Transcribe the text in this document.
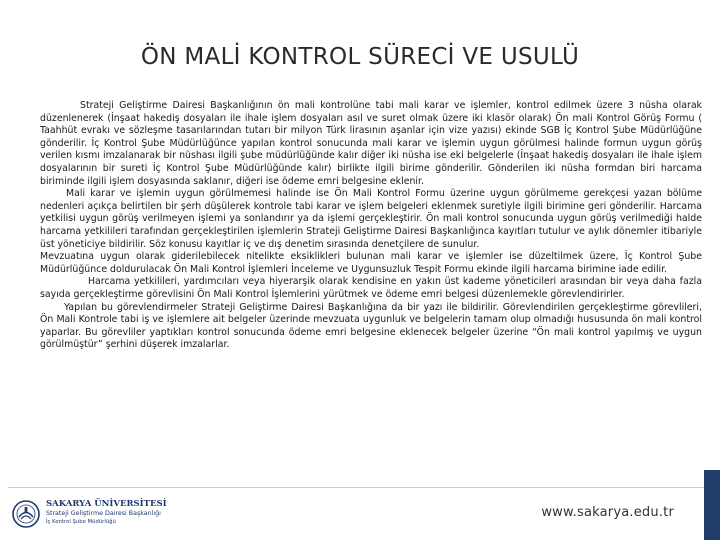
ÖN MALİ KONTROL SÜRECİ VE USULÜ

Strateji Geliştirme Dairesi Başkanlığının ön mali kontrolüne tabi mali karar ve işlemler, kontrol edilmek üzere 3 nüsha olarak düzenlenerek (İnşaat hakediş dosyaları ile ihale işlem dosyaları asıl ve suret olmak üzere iki klasör olarak) Ön mali Kontrol Görüş Formu ( Taahhüt evrakı ve sözleşme tasarılarından tutarı bir milyon Türk lirasının aşanlar için vize yazısı) ekinde SGB İç Kontrol Şube Müdürlüğüne gönderilir. İç Kontrol Şube Müdürlüğünce yapılan kontrol sonucunda mali karar ve işlemin uygun görülmesi halinde formun uygun görüş verilen kısmı imzalanarak bir nüshası ilgili şube müdürlüğünde kalır diğer iki nüsha ise eki belgelerle (İnşaat hakediş dosyaları ile ihale işlem dosyalarının bir sureti İç Kontrol Şube Müdürlüğünde kalır) birlikte ilgili birime gönderilir. Gönderilen iki nüsha formdan biri harcama biriminde ilgili işlem dosyasında saklanır, diğeri ise ödeme emri belgesine eklenir.

Mali karar ve işlemin uygun görülmemesi halinde ise Ön Mali Kontrol Formu üzerine uygun görülmeme gerekçesi yazan bölüme nedenleri açıkça belirtilen bir şerh düşülerek kontrole tabi karar ve işlem belgeleri eklenmek suretiyle ilgili birimine geri gönderilir. Harcama yetkilisi uygun görüş verilmeyen işlemi ya sonlandırır ya da işlemi gerçekleştirir. Ön mali kontrol sonucunda uygun görüş verilmediği halde harcama yetkilileri tarafından gerçekleştirilen işlemlerin Strateji Geliştirme Dairesi Başkanlığınca kayıtları tutulur ve aylık dönemler itibariyle üst yöneticiye bildirilir. Söz konusu kayıtlar iç ve dış denetim sırasında denetçilere de sunulur.

Mevzuatına uygun olarak giderilebilecek nitelikte eksiklikleri bulunan mali karar ve işlemler ise düzeltilmek üzere, İç Kontrol Şube Müdürlüğünce doldurulacak Ön Mali Kontrol İşlemleri İnceleme ve Uygunsuzluk Tespit Formu ekinde ilgili harcama birimine iade edilir.

Harcama yetkilileri, yardımcıları veya hiyerarşik olarak kendisine en yakın üst kademe yöneticileri arasından bir veya daha fazla sayıda gerçekleştirme görevlisini Ön Mali Kontrol İşlemlerini yürütmek ve ödeme emri belgesi düzenlemekle görevlendirirler.

Yapılan bu görevlendirmeler Strateji Geliştirme Dairesi Başkanlığına da bir yazı ile bildirilir. Görevlendirilen gerçekleştirme görevlileri, Ön Mali Kontrole tabi iş ve işlemlere ait belgeler üzerinde mevzuata uygunluk ve belgelerin tamam olup olmadığı hususunda ön mali kontrol yaparlar. Bu görevliler yaptıkları kontrol sonucunda ödeme emri belgesine eklenecek belgeler üzerine “Ön mali kontrol yapılmış ve uygun görülmüştür” şerhini düşerek imzalarlar.

SAKARYA ÜNİVERSİTESİ
Strateji Geliştirme Dairesi Başkanlığı
İç Kontrol Şube Müdürlüğü
www.sakarya.edu.tr
